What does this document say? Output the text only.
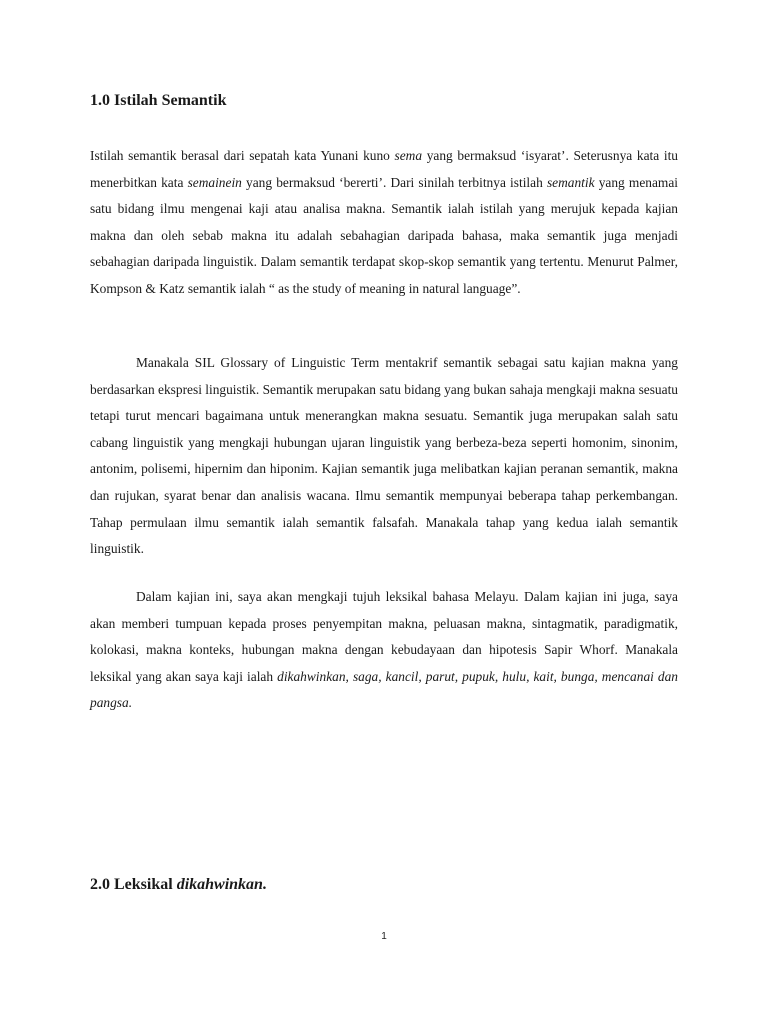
1.0 Istilah Semantik

Istilah semantik berasal dari sepatah kata Yunani kuno sema yang bermaksud ‘isyarat’. Seterusnya kata itu menerbitkan kata semainein yang bermaksud ‘bererti’. Dari sinilah terbitnya istilah semantik yang menamai satu bidang ilmu mengenai kaji atau analisa makna. Semantik ialah istilah yang merujuk kepada kajian makna dan oleh sebab makna itu adalah sebahagian daripada bahasa, maka semantik juga menjadi sebahagian daripada linguistik. Dalam semantik terdapat skop-skop semantik yang tertentu. Menurut Palmer, Kompson & Katz semantik ialah “ as the study of meaning in natural language”.

Manakala SIL Glossary of Linguistic Term mentakrif semantik sebagai satu kajian makna yang berdasarkan ekspresi linguistik. Semantik merupakan satu bidang yang bukan sahaja mengkaji makna sesuatu tetapi turut mencari bagaimana untuk menerangkan makna sesuatu. Semantik juga merupakan salah satu cabang linguistik yang mengkaji hubungan ujaran linguistik yang berbeza-beza seperti homonim, sinonim, antonim, polisemi, hipernim dan hiponim. Kajian semantik juga melibatkan kajian peranan semantik, makna dan rujukan, syarat benar dan analisis wacana. Ilmu semantik mempunyai beberapa tahap perkembangan. Tahap permulaan ilmu semantik ialah semantik falsafah. Manakala tahap yang kedua ialah semantik linguistik.

Dalam kajian ini, saya akan mengkaji tujuh leksikal bahasa Melayu. Dalam kajian ini juga, saya akan memberi tumpuan kepada proses penyempitan makna, peluasan makna, sintagmatik, paradigmatik, kolokasi, makna konteks, hubungan makna dengan kebudayaan dan hipotesis Sapir Whorf. Manakala leksikal yang akan saya kaji ialah dikahwinkan, saga, kancil, parut, pupuk, hulu, kait, bunga, mencanai dan pangsa.

2.0 Leksikal dikahwinkan.
1
